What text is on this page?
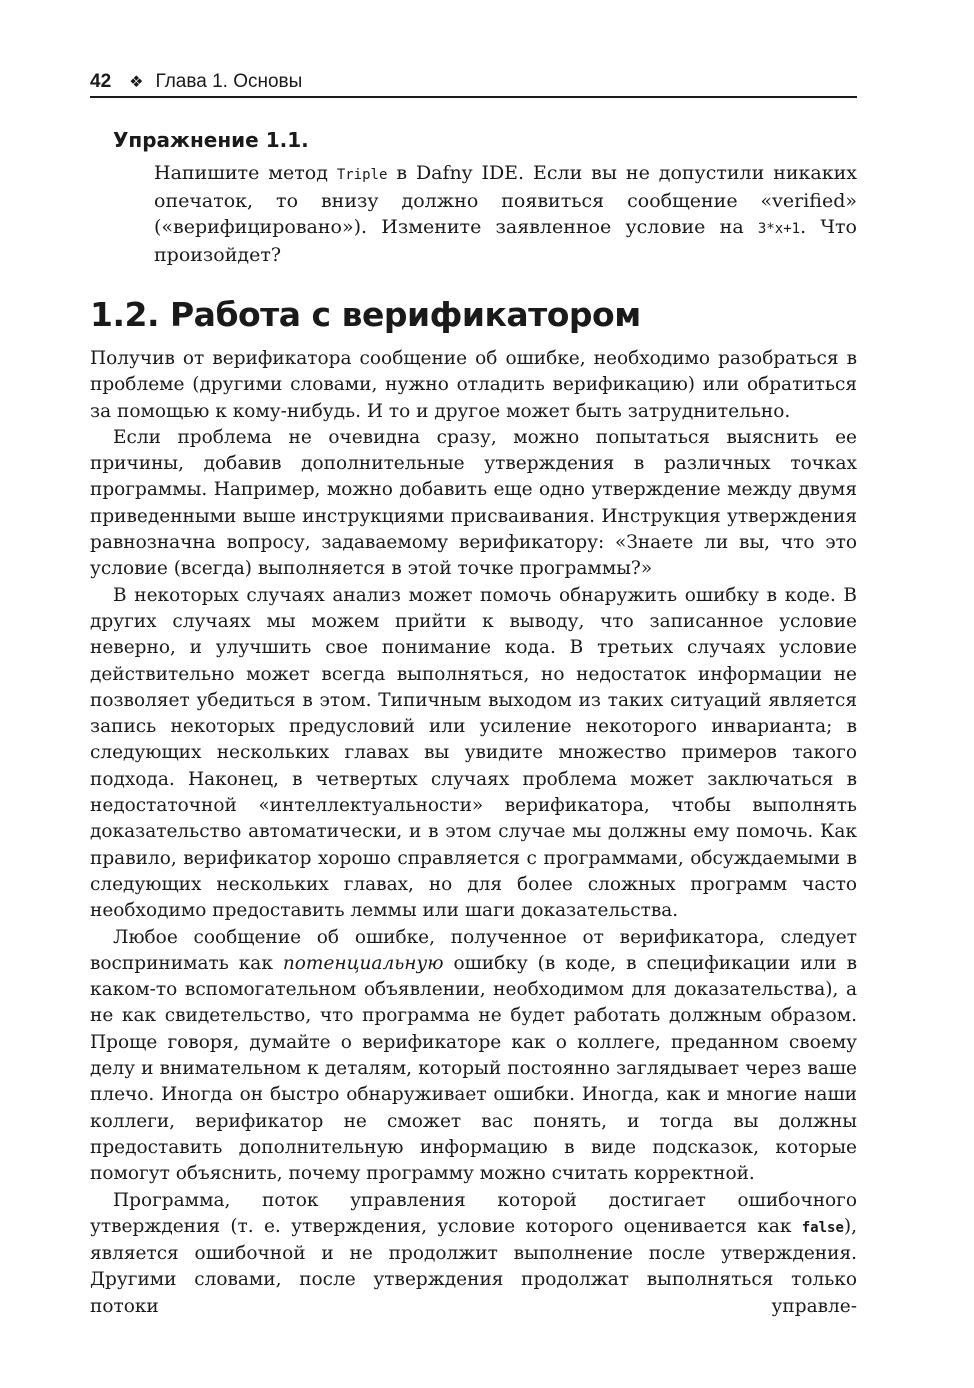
42 ❖ Глава 1. Основы
Упражнение 1.1.
Напишите метод Triple в Dafny IDE. Если вы не допустили никаких опечаток, то внизу должно появиться сообщение «verified» («верифицировано»). Измените заявленное условие на 3*x+1. Что произойдет?
1.2. Работа с верификатором

Получив от верификатора сообщение об ошибке, необходимо разобраться в проблеме (другими словами, нужно отладить верификацию) или обратиться за помощью к кому-нибудь. И то и другое может быть затруднительно.

Если проблема не очевидна сразу, можно попытаться выяснить ее причины, добавив дополнительные утверждения в различных точках программы. Например, можно добавить еще одно утверждение между двумя приведенными выше инструкциями присваивания. Инструкция утверждения равнозначна вопросу, задаваемому верификатору: «Знаете ли вы, что это условие (всегда) выполняется в этой точке программы?»

В некоторых случаях анализ может помочь обнаружить ошибку в коде. В других случаях мы можем прийти к выводу, что записанное условие неверно, и улучшить свое понимание кода. В третьих случаях условие действительно может всегда выполняться, но недостаток информации не позволяет убедиться в этом. Типичным выходом из таких ситуаций является запись некоторых предусловий или усиление некоторого инварианта; в следующих нескольких главах вы увидите множество примеров такого подхода. Наконец, в четвертых случаях проблема может заключаться в недостаточной «интеллектуальности» верификатора, чтобы выполнять доказательство автоматически, и в этом случае мы должны ему помочь. Как правило, верификатор хорошо справляется с программами, обсуждаемыми в следующих нескольких главах, но для более сложных программ часто необходимо предоставить леммы или шаги доказательства.

Любое сообщение об ошибке, полученное от верификатора, следует воспринимать как потенциальную ошибку (в коде, в спецификации или в каком-то вспомогательном объявлении, необходимом для доказательства), а не как свидетельство, что программа не будет работать должным образом. Проще говоря, думайте о верификаторе как о коллеге, преданном своему делу и внимательном к деталям, который постоянно заглядывает через ваше плечо. Иногда он быстро обнаруживает ошибки. Иногда, как и многие наши коллеги, верификатор не сможет вас понять, и тогда вы должны предоставить дополнительную информацию в виде подсказок, которые помогут объяснить, почему программу можно считать корректной.

Программа, поток управления которой достигает ошибочного утверждения (т. е. утверждения, условие которого оценивается как false), является ошибочной и не продолжит выполнение после утверждения. Другими словами, после утверждения продолжат выполняться только потоки управле-
